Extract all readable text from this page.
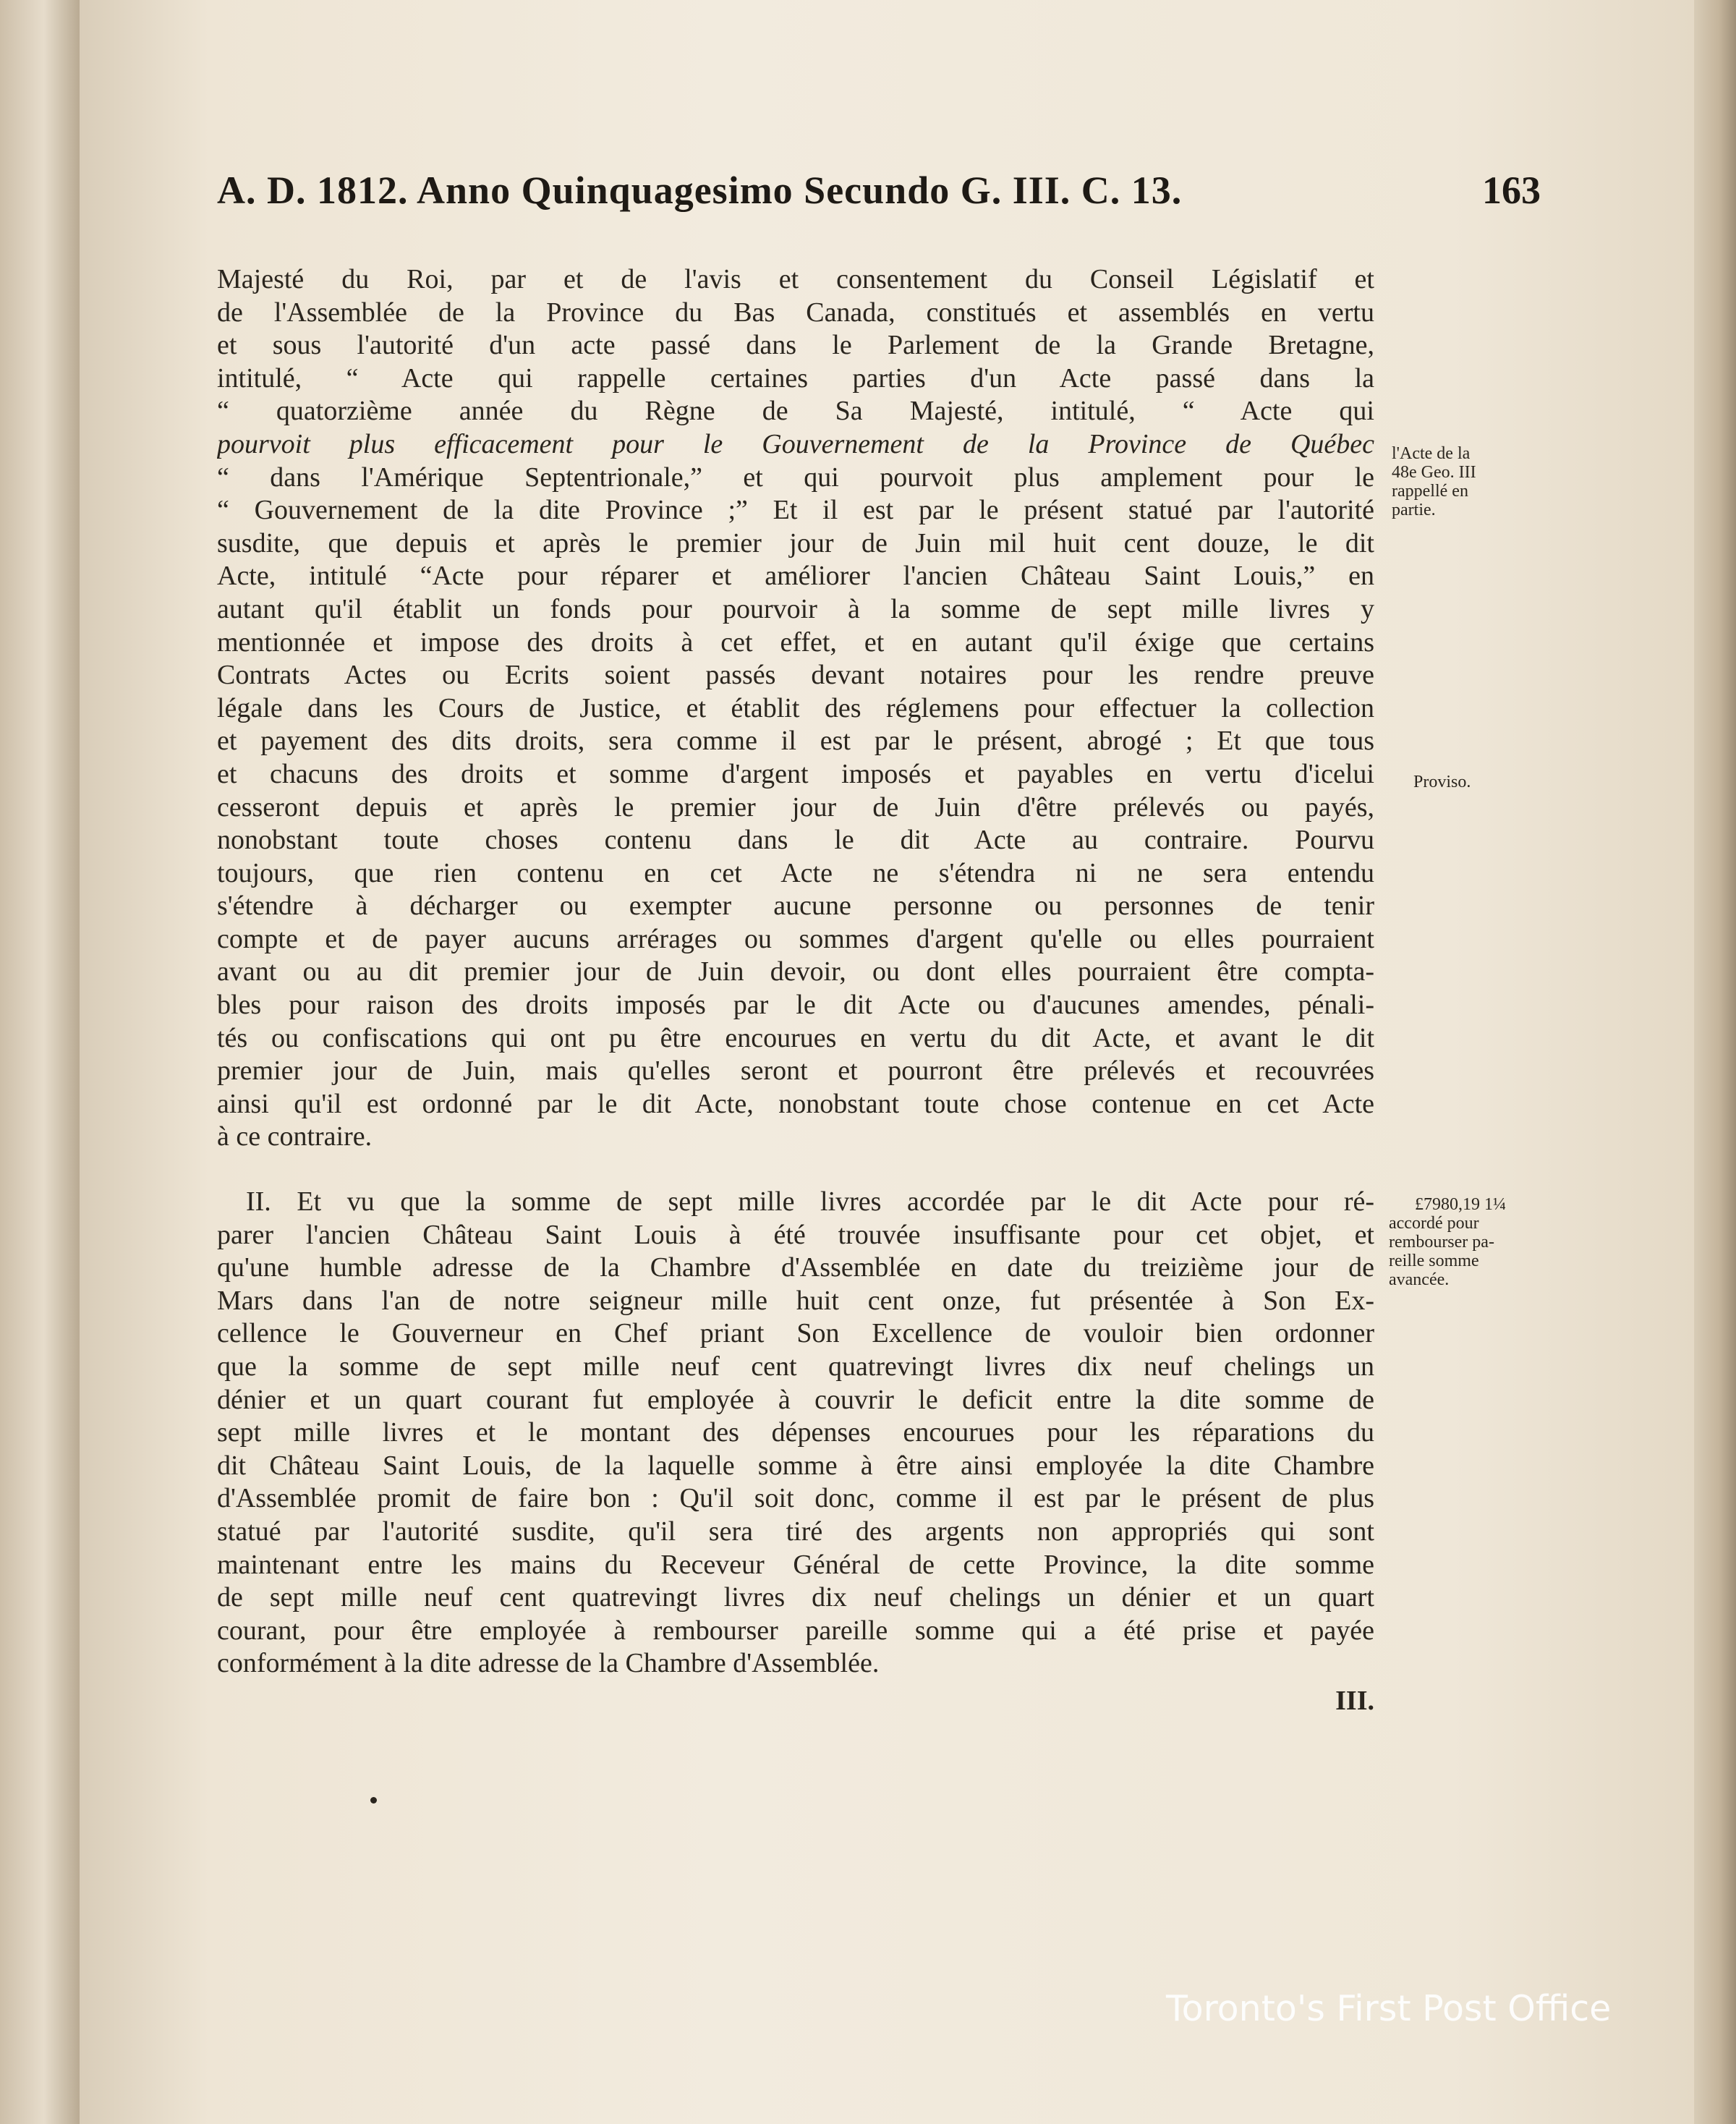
A. D. 1812. Anno Quinquagesimo Secundo G. III. C. 13.	163
Majesté du Roi, par et de l'avis et consentement du Conseil Législatif et
de l'Assemblée de la Province du Bas Canada, constitués et assemblés en vertu
et sous l'autorité d'un acte passé dans le Parlement de la Grande Bretagne,
intitulé, “ Acte qui rappelle certaines parties d'un Acte passé dans la
“ quatorzième année du Règne de Sa Majesté, intitulé, “ Acte qui
pourvoit plus efficacement pour le Gouvernement de la Province de Québec
“ dans l'Amérique Septentrionale,” et qui pourvoit plus amplement pour le
“ Gouvernement de la dite Province ;” Et il est par le présent statué par l'autorité
susdite, que depuis et après le premier jour de Juin mil huit cent douze, le dit
Acte, intitulé “Acte pour réparer et améliorer l'ancien Château Saint Louis,” en
autant qu'il établit un fonds pour pourvoir à la somme de sept mille livres y
mentionnée et impose des droits à cet effet, et en autant qu'il éxige que certains
Contrats Actes ou Ecrits soient passés devant notaires pour les rendre preuve
légale dans les Cours de Justice, et établit des réglemens pour effectuer la collection
et payement des dits droits, sera comme il est par le présent, abrogé ; Et que tous
et chacuns des droits et somme d'argent imposés et payables en vertu d'icelui
cesseront depuis et après le premier jour de Juin d'être prélevés ou payés,
nonobstant toute choses contenu dans le dit Acte au contraire. Pourvu
toujours, que rien contenu en cet Acte ne s'étendra ni ne sera entendu
s'étendre à décharger ou exempter aucune personne ou personnes de tenir
compte et de payer aucuns arrérages ou sommes d'argent qu'elle ou elles pourraient
avant ou au dit premier jour de Juin devoir, ou dont elles pourraient être compta-
bles pour raison des droits imposés par le dit Acte ou d'aucunes amendes, pénali-
tés ou confiscations qui ont pu être encourues en vertu du dit Acte, et avant le dit
premier jour de Juin, mais qu'elles seront et pourront être prélevés et recouvrées
ainsi qu'il est ordonné par le dit Acte, nonobstant toute chose contenue en cet Acte
à ce contraire.
II. Et vu que la somme de sept mille livres accordée par le dit Acte pour ré-
parer l'ancien Château Saint Louis à été trouvée insuffisante pour cet objet, et
qu'une humble adresse de la Chambre d'Assemblée en date du treizième jour de
Mars dans l'an de notre seigneur mille huit cent onze, fut présentée à Son Ex-
cellence le Gouverneur en Chef priant Son Excellence de vouloir bien ordonner
que la somme de sept mille neuf cent quatrevingt livres dix neuf chelings un
dénier et un quart courant fut employée à couvrir le deficit entre la dite somme de
sept mille livres et le montant des dépenses encourues pour les réparations du
dit Château Saint Louis, de la laquelle somme à être ainsi employée la dite Chambre
d'Assemblée promit de faire bon : Qu'il soit donc, comme il est par le présent de plus
statué par l'autorité susdite, qu'il sera tiré des argents non appropriés qui sont
maintenant entre les mains du Receveur Général de cette Province, la dite somme
de sept mille neuf cent quatrevingt livres dix neuf chelings un dénier et un quart
courant, pour être employée à rembourser pareille somme qui a été prise et payée
conformément à la dite adresse de la Chambre d'Assemblée.
III.
l'Acte de la
48e Geo. III
rappellé en
partie.
Proviso.
£7980,19 1¼
accordé pour
rembourser pa-
reille somme
avancée.
Toronto's First Post Office
